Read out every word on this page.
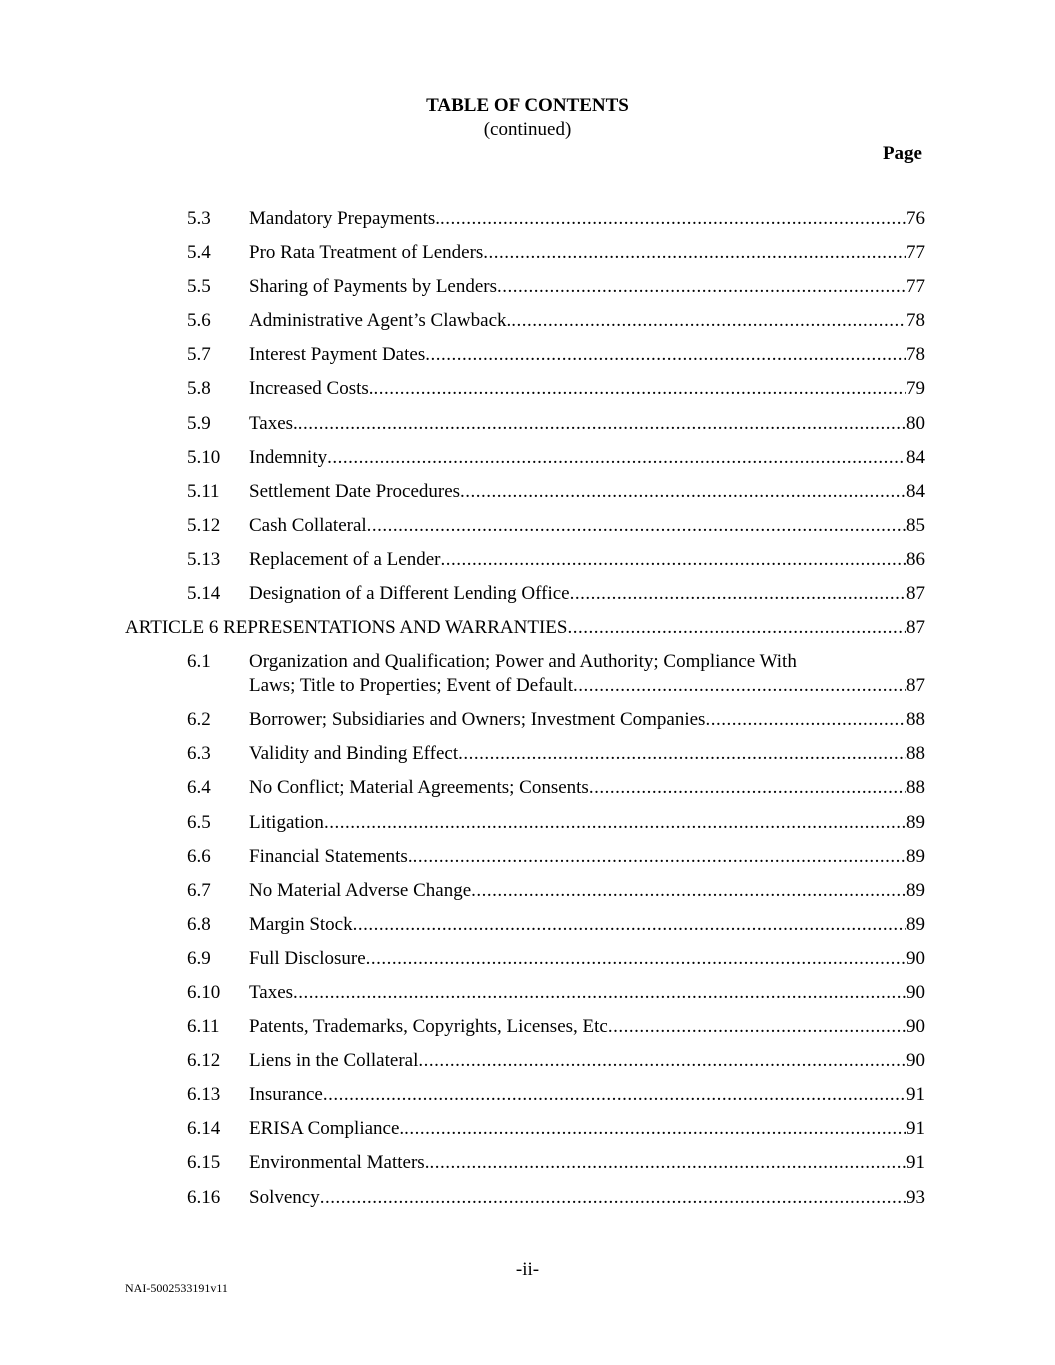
TABLE OF CONTENTS
(continued)
Page
5.3 Mandatory Prepayments. .....	76
5.4 Pro Rata Treatment of Lenders .....	77
5.5 Sharing of Payments by Lenders .....	77
5.6 Administrative Agent’s Clawback. .....	78
5.7 Interest Payment Dates .....	78
5.8 Increased Costs. .....	79
5.9 Taxes. .....	80
5.10 Indemnity .....	84
5.11 Settlement Date Procedures .....	84
5.12 Cash Collateral .....	85
5.13 Replacement of a Lender .....	86
5.14 Designation of a Different Lending Office .....	87
ARTICLE 6 REPRESENTATIONS AND WARRANTIES .....	87
6.1 Organization and Qualification; Power and Authority; Compliance With
Laws; Title to Properties; Event of Default .....	87
6.2 Borrower; Subsidiaries and Owners; Investment Companies .....	88
6.3 Validity and Binding Effect .....	88
6.4 No Conflict; Material Agreements; Consents .....	88
6.5 Litigation .....	89
6.6 Financial Statements. .....	89
6.7 No Material Adverse Change .....	89
6.8 Margin Stock .....	89
6.9 Full Disclosure .....	90
6.10 Taxes .....	90
6.11 Patents, Trademarks, Copyrights, Licenses, Etc .....	90
6.12 Liens in the Collateral .....	90
6.13 Insurance .....	91
6.14 ERISA Compliance. .....	91
6.15 Environmental Matters. .....	91
6.16 Solvency .....	93
-ii-
NAI-5002533191v11
